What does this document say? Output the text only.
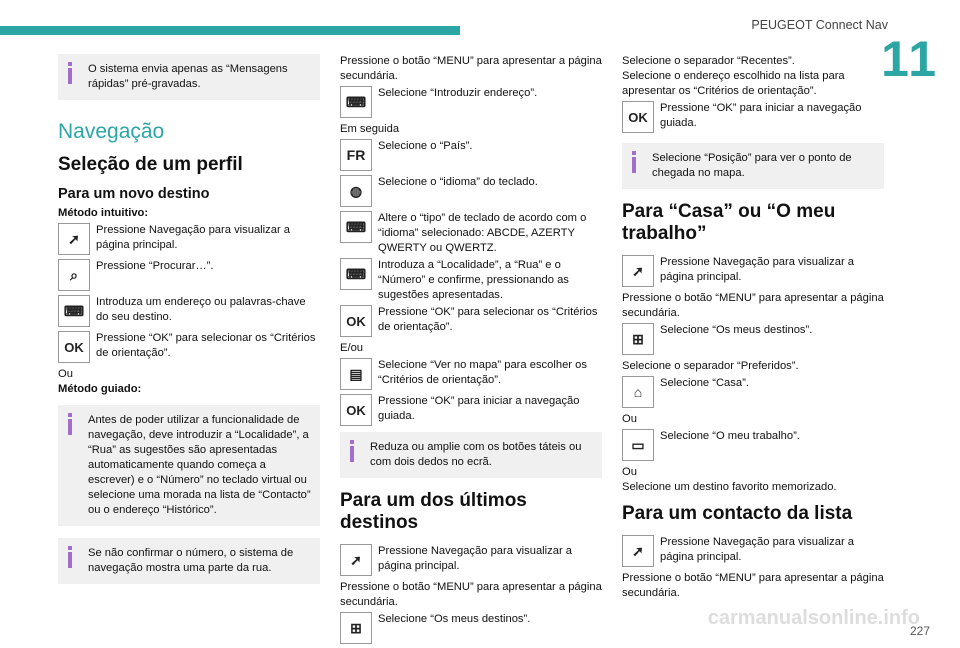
PEUGEOT Connect Nav
11
O sistema envia apenas as “Mensagens rápidas” pré-gravadas.
Navegação
Seleção de um perfil
Para um novo destino
Método intuitivo:
➚
Pressione Navegação para visualizar a página principal.
⌕
Pressione “Procurar…”.
⌨
Introduza um endereço ou palavras-chave do seu destino.
OK
Pressione “OK” para selecionar os “Critérios de orientação”.
Ou
Método guiado:
Antes de poder utilizar a funcionalidade de navegação, deve introduzir a “Localidade”, a “Rua” as sugestões são apresentadas automaticamente quando começa a escrever) e o “Número” no teclado virtual ou selecione uma morada na lista de “Contacto” ou o endereço “Histórico”.
Se não confirmar o número, o sistema de navegação mostra uma parte da rua.
Pressione o botão “MENU” para apresentar a página secundária.
⌨
Selecione “Introduzir endereço”.
Em seguida
FR
Selecione o “País”.
◍
Selecione o “idioma” do teclado.
⌨
Altere o “tipo” de teclado de acordo com o “idioma” selecionado: ABCDE, AZERTY QWERTY ou QWERTZ.
⌨
Introduza a “Localidade”, a “Rua” e o “Número” e confirme, pressionando as sugestões apresentadas.
OK
Pressione “OK” para selecionar os “Critérios de orientação”.
E/ou
▤
Selecione “Ver no mapa” para escolher os “Critérios de orientação”.
OK
Pressione “OK” para iniciar a navegação guiada.
Reduza ou amplie com os botões táteis ou com dois dedos no ecrã.
Para um dos últimos destinos
➚
Pressione Navegação para visualizar a página principal.
Pressione o botão “MENU” para apresentar a página secundária.
⊞
Selecione “Os meus destinos”.
Selecione o separador “Recentes”.
Selecione o endereço escolhido na lista para apresentar os “Critérios de orientação”.
OK
Pressione “OK” para iniciar a navegação guiada.
Selecione “Posição” para ver o ponto de chegada no mapa.
Para “Casa” ou “O meu trabalho”
➚
Pressione Navegação para visualizar a página principal.
Pressione o botão “MENU” para apresentar a página secundária.
⊞
Selecione “Os meus destinos”.
Selecione o separador “Preferidos”.
⌂
Selecione “Casa”.
Ou
▭
Selecione “O meu trabalho”.
Ou
Selecione um destino favorito memorizado.
Para um contacto da lista
➚
Pressione Navegação para visualizar a página principal.
Pressione o botão “MENU” para apresentar a página secundária.
carmanualsonline.info
227
